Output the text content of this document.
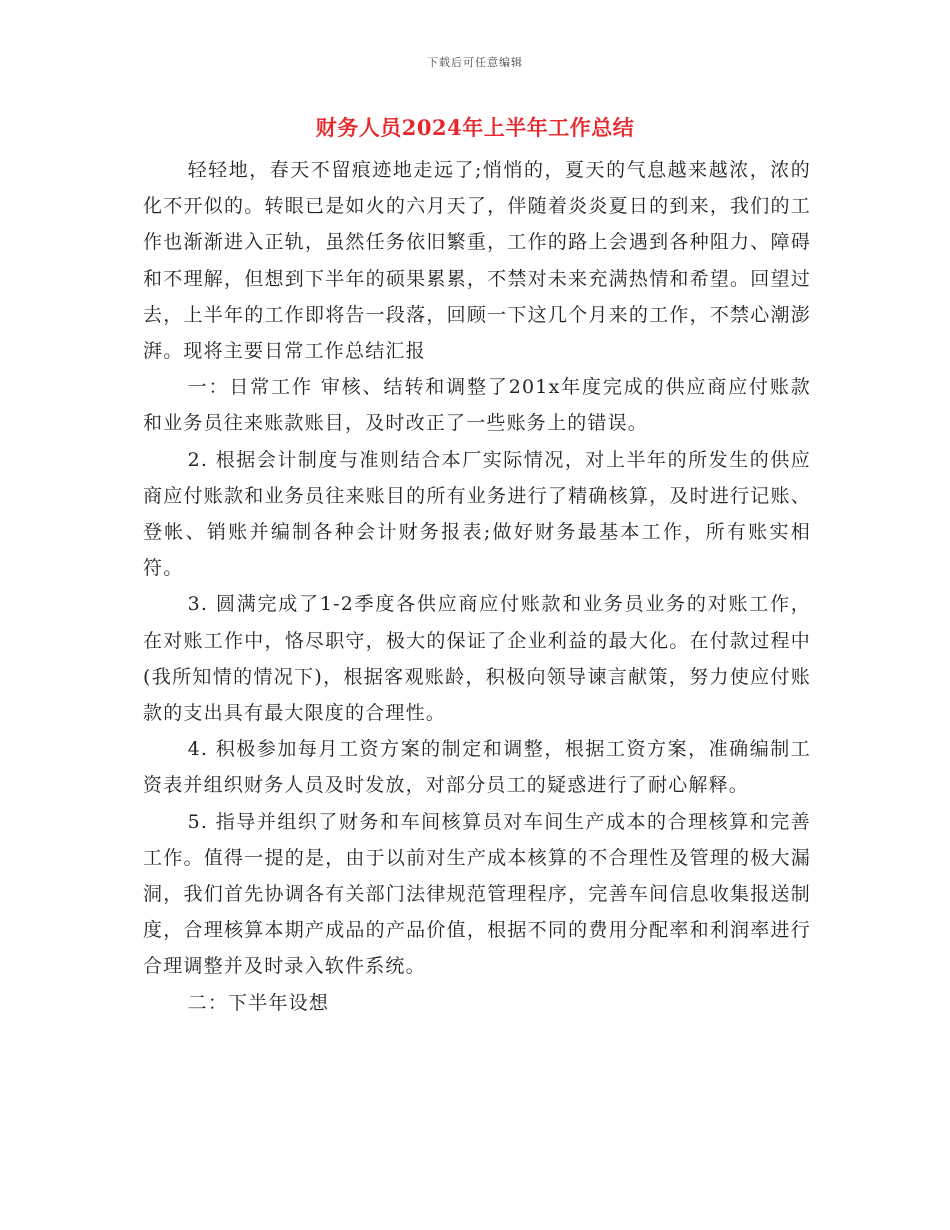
下载后可任意编辑
财务人员2024年上半年工作总结

轻轻地，春天不留痕迹地走远了;悄悄的，夏天的气息越来越浓，浓的化不开似的。转眼已是如火的六月天了，伴随着炎炎夏日的到来，我们的工作也渐渐进入正轨，虽然任务依旧繁重，工作的路上会遇到各种阻力、障碍和不理解，但想到下半年的硕果累累，不禁对未来充满热情和希望。回望过去，上半年的工作即将告一段落，回顾一下这几个月来的工作，不禁心潮澎湃。现将主要日常工作总结汇报

一：日常工作 审核、结转和调整了201x年度完成的供应商应付账款和业务员往来账款账目，及时改正了一些账务上的错误。

2. 根据会计制度与准则结合本厂实际情况，对上半年的所发生的供应商应付账款和业务员往来账目的所有业务进行了精确核算，及时进行记账、登帐、销账并编制各种会计财务报表;做好财务最基本工作，所有账实相符。

3. 圆满完成了1-2季度各供应商应付账款和业务员业务的对账工作，在对账工作中，恪尽职守，极大的保证了企业利益的最大化。在付款过程中(我所知情的情况下)，根据客观账龄，积极向领导谏言献策，努力使应付账款的支出具有最大限度的合理性。

4. 积极参加每月工资方案的制定和调整，根据工资方案，准确编制工资表并组织财务人员及时发放，对部分员工的疑惑进行了耐心解释。

5. 指导并组织了财务和车间核算员对车间生产成本的合理核算和完善工作。值得一提的是，由于以前对生产成本核算的不合理性及管理的极大漏洞，我们首先协调各有关部门法律规范管理程序，完善车间信息收集报送制度，合理核算本期产成品的产品价值，根据不同的费用分配率和利润率进行合理调整并及时录入软件系统。

二：下半年设想
